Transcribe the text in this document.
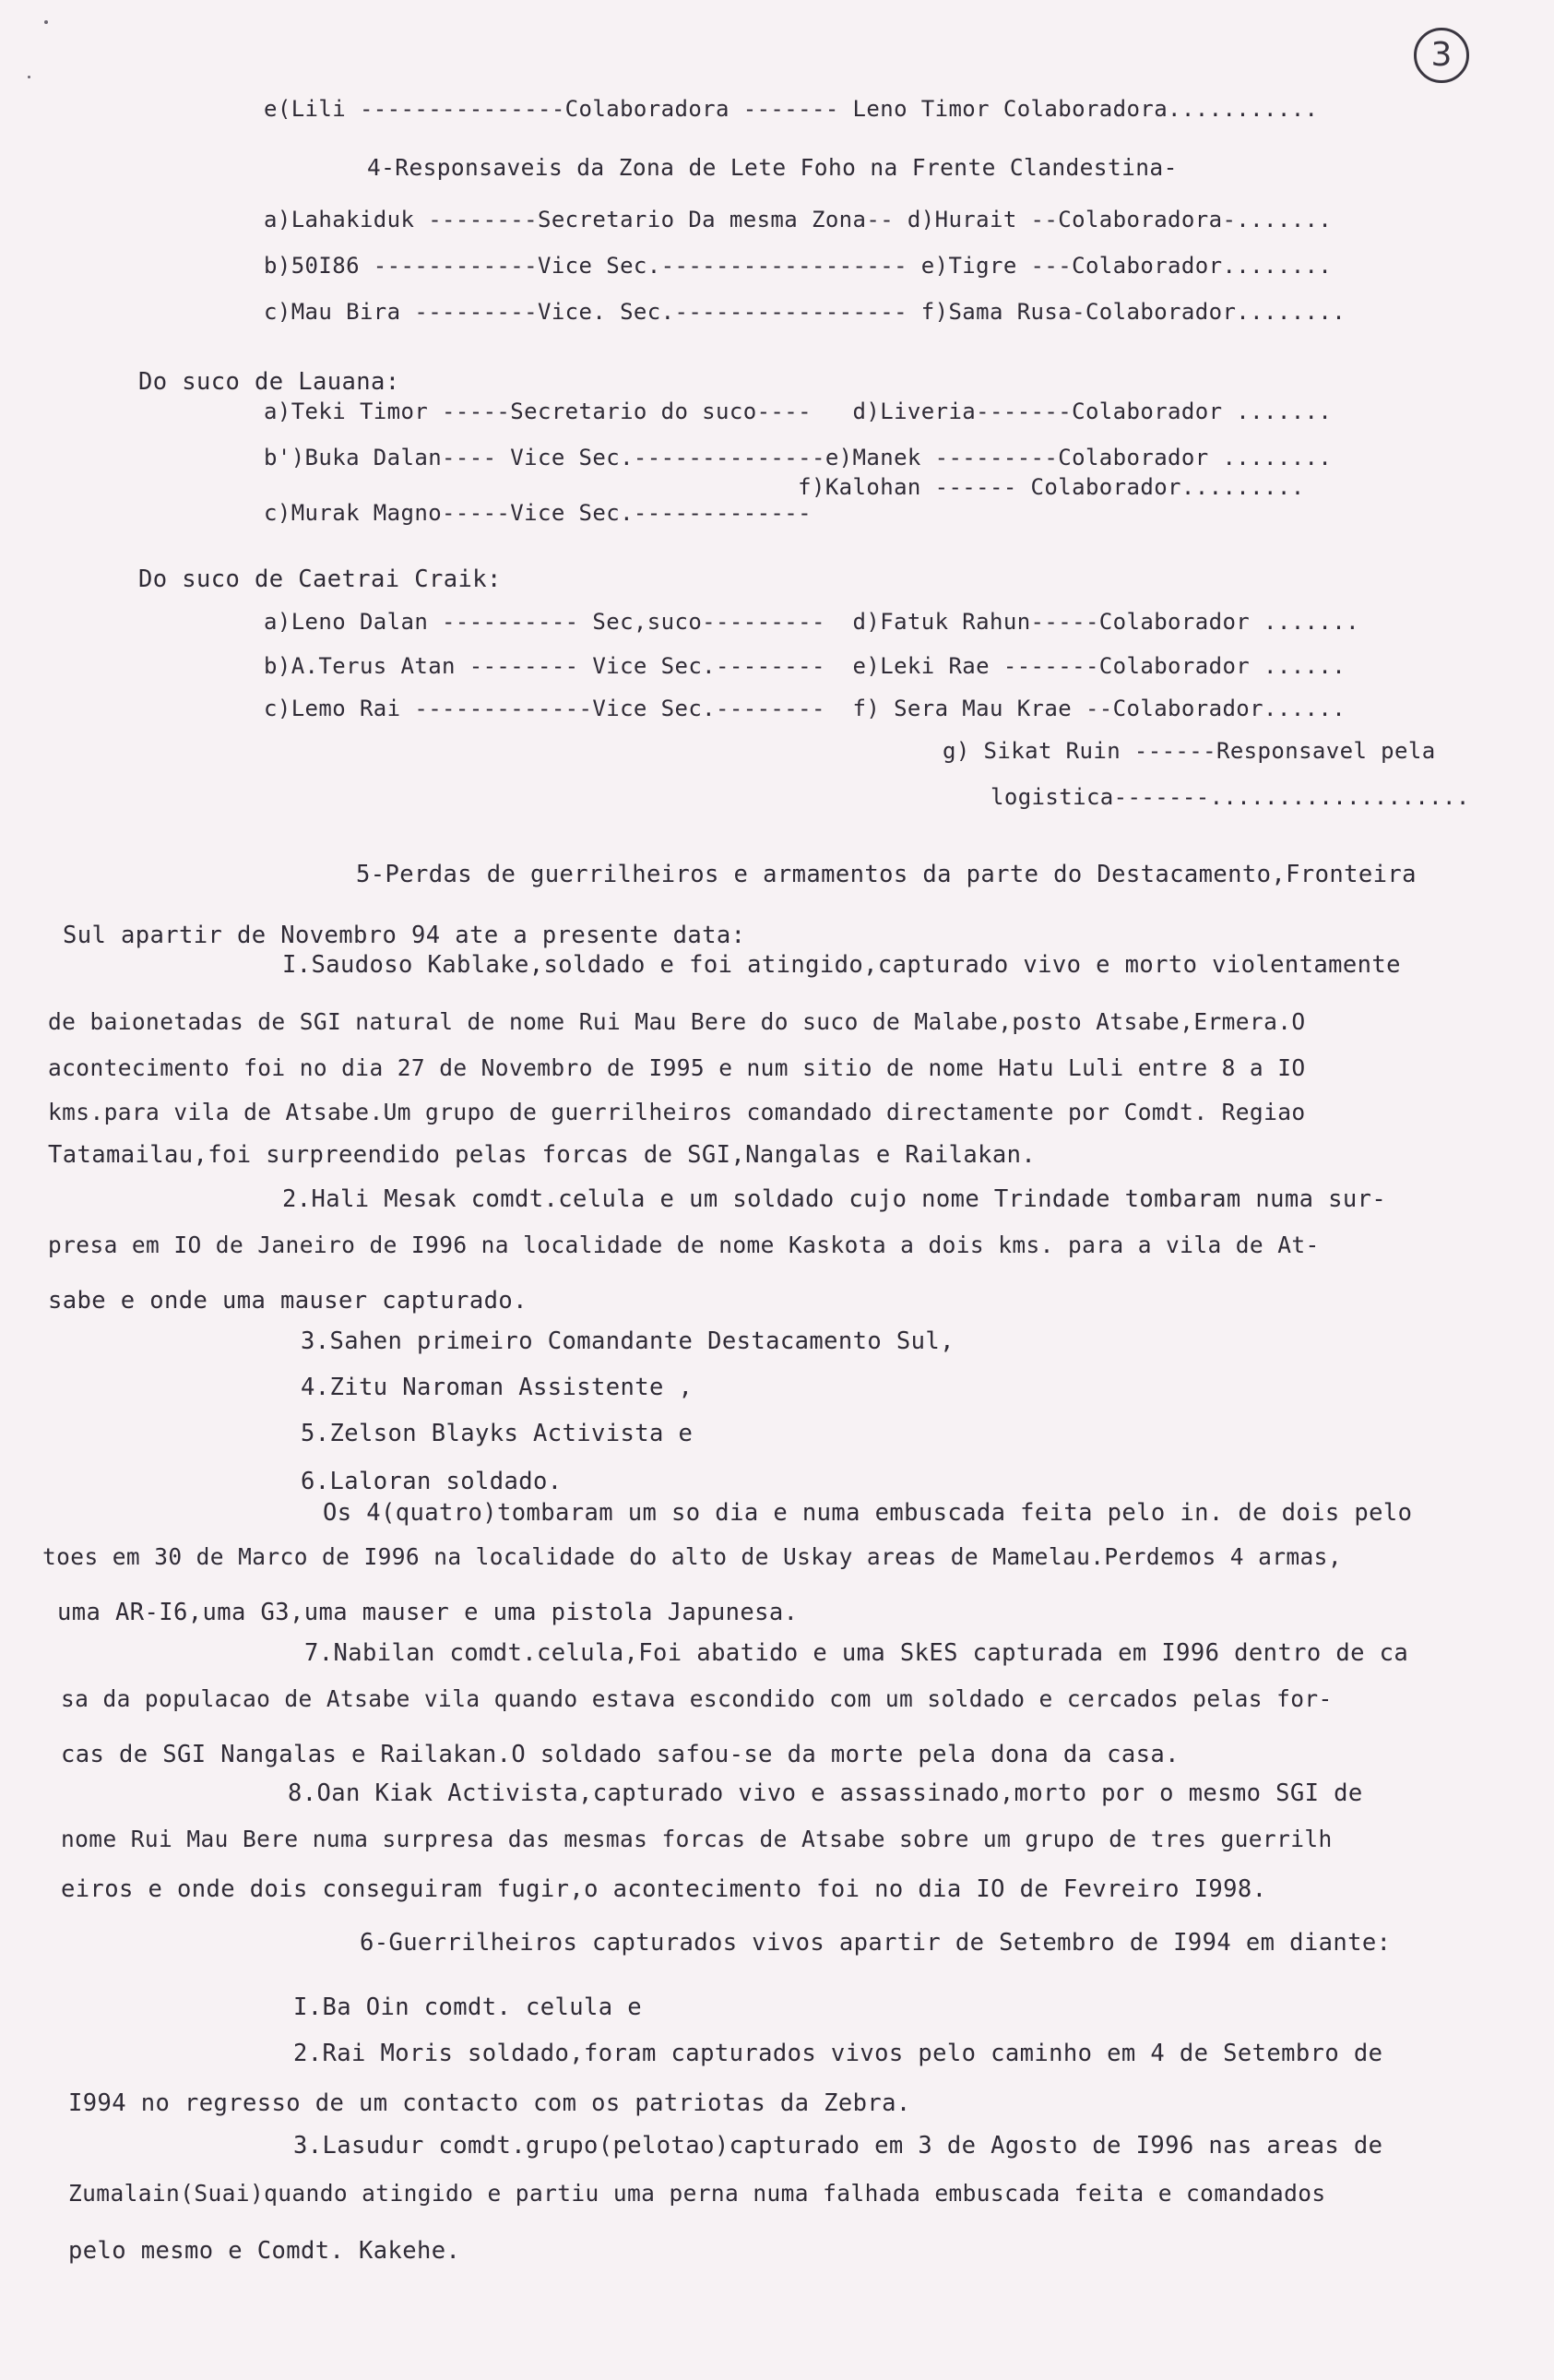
3
e(Lili ---------------Colaboradora ------- Leno Timor Colaboradora...........
4-Responsaveis da Zona de Lete Foho na Frente Clandestina-
a)Lahakiduk --------Secretario Da mesma Zona-- d)Hurait --Colaboradora-.......
b)50I86 ------------Vice Sec.------------------ e)Tigre ---Colaborador........
c)Mau Bira ---------Vice. Sec.----------------- f)Sama Rusa-Colaborador........
Do suco de Lauana:
a)Teki Timor -----Secretario do suco----   d)Liveria-------Colaborador .......
b')Buka Dalan---- Vice Sec.--------------e)Manek ---------Colaborador ........
f)Kalohan ------ Colaborador.........
c)Murak Magno-----Vice Sec.-------------
Do suco de Caetrai Craik:
a)Leno Dalan ---------- Sec,suco---------  d)Fatuk Rahun-----Colaborador .......
b)A.Terus Atan -------- Vice Sec.--------  e)Leki Rae -------Colaborador ......
c)Lemo Rai -------------Vice Sec.--------  f) Sera Mau Krae --Colaborador......
g) Sikat Ruin ------Responsavel pela
logistica-------...................
5-Perdas de guerrilheiros e armamentos da parte do Destacamento,Fronteira
Sul apartir de Novembro 94 ate a presente data:
I.Saudoso Kablake,soldado e foi atingido,capturado vivo e morto violentamente
de baionetadas de SGI natural de nome Rui Mau Bere do suco de Malabe,posto Atsabe,Ermera.O
acontecimento foi no dia 27 de Novembro de I995 e num sitio de nome Hatu Luli entre 8 a IO
kms.para vila de Atsabe.Um grupo de guerrilheiros comandado directamente por Comdt. Regiao
Tatamailau,foi surpreendido pelas forcas de SGI,Nangalas e Railakan.
2.Hali Mesak comdt.celula e um soldado cujo nome Trindade tombaram numa sur-
presa em IO de Janeiro de I996 na localidade de nome Kaskota a dois kms. para a vila de At-
sabe e onde uma mauser capturado.
3.Sahen primeiro Comandante Destacamento Sul,
4.Zitu Naroman Assistente ,
5.Zelson Blayks Activista e
6.Laloran soldado.
Os 4(quatro)tombaram um so dia e numa embuscada feita pelo in. de dois pelo
toes em 30 de Marco de I996 na localidade do alto de Uskay areas de Mamelau.Perdemos 4 armas,
uma AR-I6,uma G3,uma mauser e uma pistola Japunesa.
7.Nabilan comdt.celula,Foi abatido e uma SkES capturada em I996 dentro de ca
sa da populacao de Atsabe vila quando estava escondido com um soldado e cercados pelas for-
cas de SGI Nangalas e Railakan.O soldado safou-se da morte pela dona da casa.
8.Oan Kiak Activista,capturado vivo e assassinado,morto por o mesmo SGI de
nome Rui Mau Bere numa surpresa das mesmas forcas de Atsabe sobre um grupo de tres guerrilh
eiros e onde dois conseguiram fugir,o acontecimento foi no dia IO de Fevreiro I998.
6-Guerrilheiros capturados vivos apartir de Setembro de I994 em diante:
I.Ba Oin comdt. celula e
2.Rai Moris soldado,foram capturados vivos pelo caminho em 4 de Setembro de
I994 no regresso de um contacto com os patriotas da Zebra.
3.Lasudur comdt.grupo(pelotao)capturado em 3 de Agosto de I996 nas areas de
Zumalain(Suai)quando atingido e partiu uma perna numa falhada embuscada feita e comandados
pelo mesmo e Comdt. Kakehe.
